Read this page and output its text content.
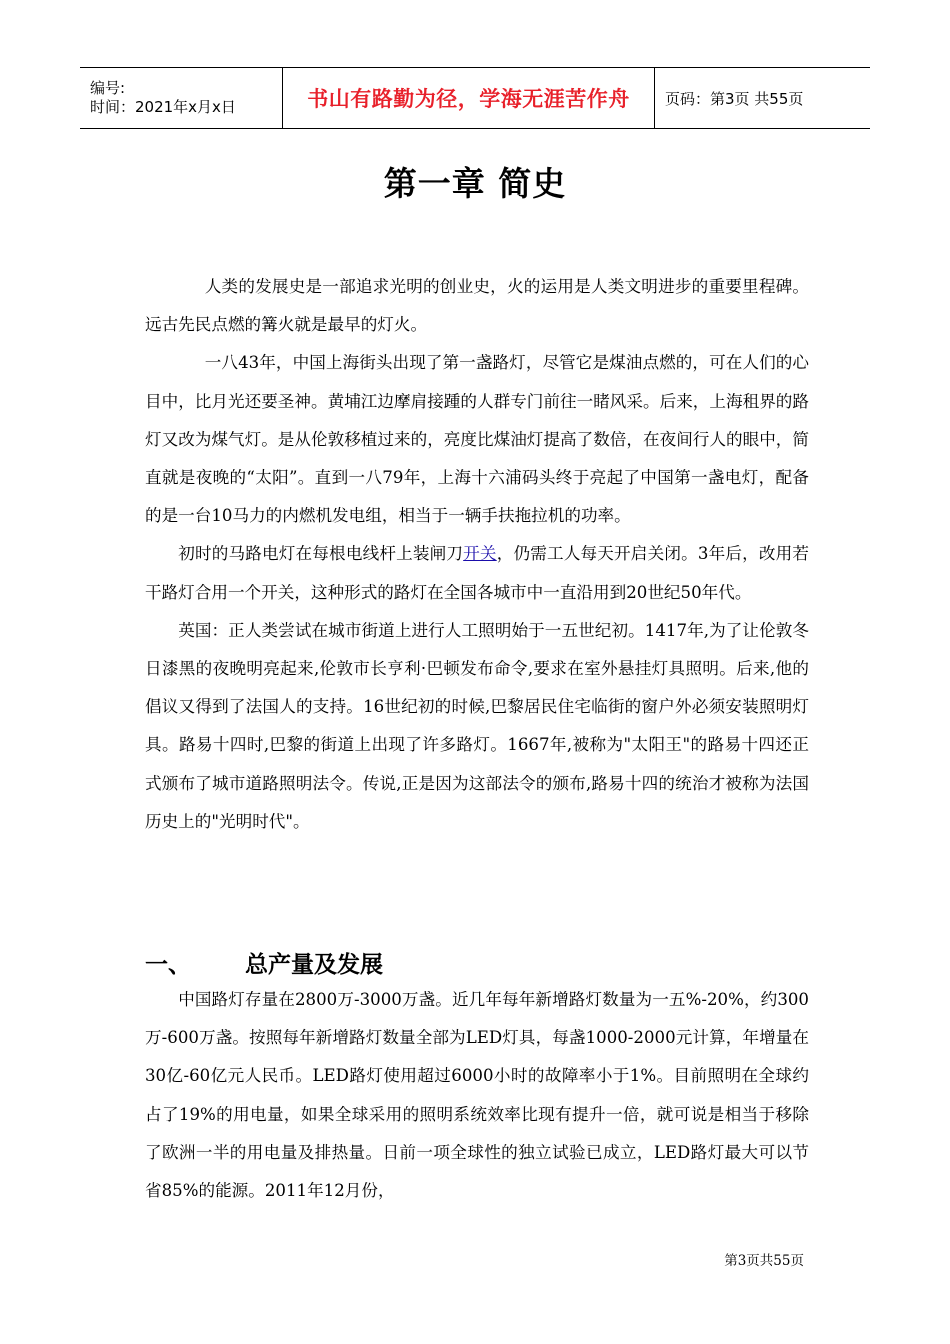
编号:
时间：2021年x月x日	书山有路勤为径，学海无涯苦作舟 页码：第3页 共55页
第一章 简史

人类的发展史是一部追求光明的创业史，火的运用是人类文明进步的重要里程碑。远古先民点燃的篝火就是最早的灯火。

一八43年，中国上海街头出现了第一盏路灯，尽管它是煤油点燃的，可在人们的心目中，比月光还要圣神。黄埔江边摩肩接踵的人群专门前往一睹风采。后来，上海租界的路灯又改为煤气灯。是从伦敦移植过来的，亮度比煤油灯提高了数倍，在夜间行人的眼中，简直就是夜晚的“太阳”。直到一八79年，上海十六浦码头终于亮起了中国第一盏电灯，配备的是一台10马力的内燃机发电组，相当于一辆手扶拖拉机的功率。

初时的马路电灯在每根电线杆上装闸刀开关，仍需工人每天开启关闭。3年后，改用若干路灯合用一个开关，这种形式的路灯在全国各城市中一直沿用到20世纪50年代。

英国：正人类尝试在城市街道上进行人工照明始于一五世纪初。1417年,为了让伦敦冬日漆黑的夜晚明亮起来,伦敦市长亨利·巴顿发布命令,要求在室外悬挂灯具照明。后来,他的倡议又得到了法国人的支持。16世纪初的时候,巴黎居民住宅临街的窗户外必须安装照明灯具。路易十四时,巴黎的街道上出现了许多路灯。1667年,被称为"太阳王"的路易十四还正式颁布了城市道路照明法令。传说,正是因为这部法令的颁布,路易十四的统治才被称为法国历史上的"光明时代"。

一、	总产量及发展

中国路灯存量在2800万-3000万盏。近几年每年新增路灯数量为一五%-20%，约300万-600万盏。按照每年新增路灯数量全部为LED灯具，每盏1000-2000元计算，年增量在30亿-60亿元人民币。LED路灯使用超过6000小时的故障率小于1%。目前照明在全球约占了19%的用电量，如果全球采用的照明系统效率比现有提升一倍，就可说是相当于移除了欧洲一半的用电量及排热量。日前一项全球性的独立试验已成立，LED路灯最大可以节省85%的能源。2011年12月份，

第3页共55页
